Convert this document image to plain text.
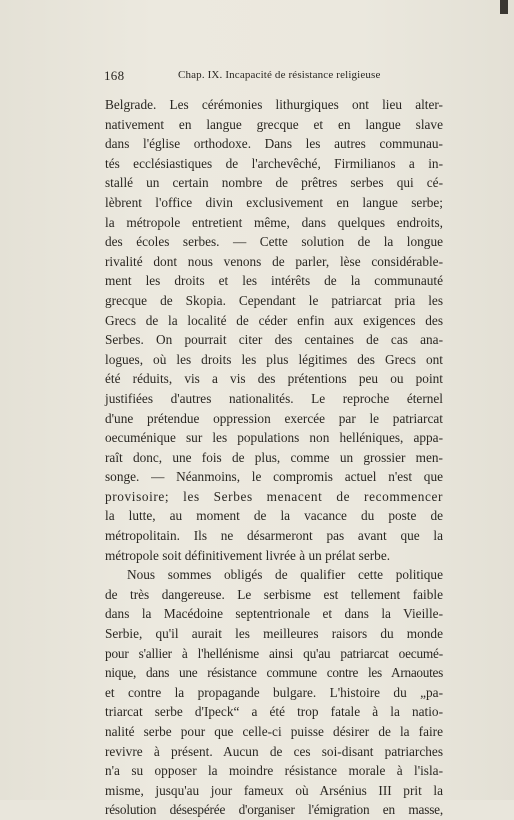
168	Chap. IX. Incapacité de résistance religieuse
Belgrade. Les cérémonies lithurgiques ont lieu alter-
nativement en langue grecque et en langue slave
dans l'église orthodoxe. Dans les autres communau-
tés ecclésiastiques de l'archevêché, Firmilianos a in-
stallé un certain nombre de prêtres serbes qui cé-
lèbrent l'office divin exclusivement en langue serbe;
la métropole entretient même, dans quelques endroits,
des écoles serbes. — Cette solution de la longue
rivalité dont nous venons de parler, lèse considérable-
ment les droits et les intérêts de la communauté
grecque de Skopia. Cependant le patriarcat pria les
Grecs de la localité de céder enfin aux exigences des
Serbes. On pourrait citer des centaines de cas ana-
logues, où les droits les plus légitimes des Grecs ont
été réduits, vis a vis des prétentions peu ou point
justifiées d'autres nationalités. Le reproche éternel
d'une prétendue oppression exercée par le patriarcat
oecuménique sur les populations non helléniques, appa-
raît donc, une fois de plus, comme un grossier men-
songe. — Néanmoins, le compromis actuel n'est que
provisoire; les Serbes menacent de recommencer
la lutte, au moment de la vacance du poste de
métropolitain. Ils ne désarmeront pas avant que la
métropole soit définitivement livrée à un prélat serbe.
Nous sommes obligés de qualifier cette politique
de très dangereuse. Le serbisme est tellement faible
dans la Macédoine septentrionale et dans la Vieille-
Serbie, qu'il aurait les meilleures raisors du monde
pour s'allier à l'hellénisme ainsi qu'au patriarcat oecumé-
nique, dans une résistance commune contre les Arnaoutes
et contre la propagande bulgare. L'histoire du „pa-
triarcat serbe d'Ipeck“ a été trop fatale à la natio-
nalité serbe pour que celle-ci puisse désirer de la faire
revivre à présent. Aucun de ces soi-disant patriarches
n'a su opposer la moindre résistance morale à l'isla-
misme, jusqu'au jour fameux où Arsénius III prit la
résolution désespérée d'organiser l'émigration en masse,
